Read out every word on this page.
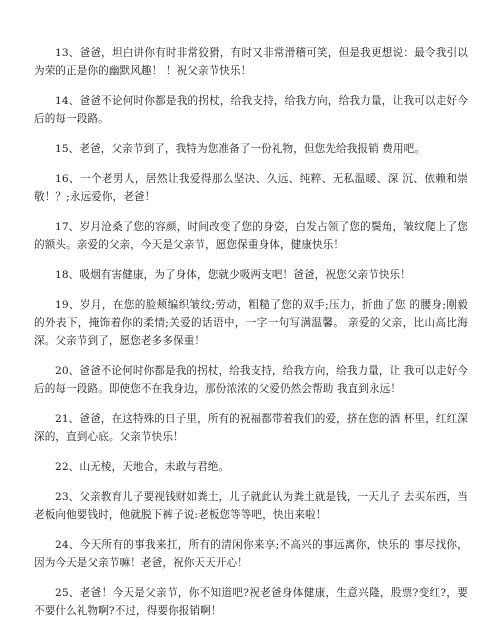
13、爸爸，坦白讲你有时非常狡猾，有时又非常滑稽可笑，但是我更想说：最令我引以为荣的正是你的幽默风趣！ ！祝父亲节快乐！

14、爸爸不论何时你都是我的拐杖，给我支持，给我方向，给我力量，让我可以走好今后的每一段路。

15、老爸，父亲节到了，我特为您准备了一份礼物，但您先给我报销 费用吧。

16、一个老男人，居然让我爱得那么坚决、久远、纯粹、无私温暖、深 沉、依赖和崇敬！？;永远爱你，老爸！

17、岁月沧桑了您的容颜，时间改变了您的身姿，白发占领了您的鬓角，皱纹爬上了您的额头。亲爱的父亲，今天是父亲节，愿您保重身体，健康快乐！

18、吸烟有害健康，为了身体，您就少吸两支吧！爸爸，祝您父亲节快乐！

19、岁月，在您的脸颊编织皱纹;劳动，粗糙了您的双手;压力，折曲了您 的腰身;刚毅的外表下，掩饰着你的柔情;关爱的话语中，一字一句写满温馨。 亲爱的父亲，比山高比海深。父亲节到了，愿您老多多保重！

20、爸爸不论何时你都是我的拐杖，给我支持，给我方向，给我力量，让 我可以走好今后的每一段路。即使您不在我身边，那份浓浓的父爱仍然会帮助 我直到永远！

21、爸爸，在这特殊的日子里，所有的祝福都带着我们的爱，挤在您的酒 杯里，红红深深的，直到心底。父亲节快乐！

22、山无棱，天地合，未敢与君绝。

23、父亲教育儿子要视钱财如粪土，儿子就此认为粪土就是钱，一天儿子 去买东西，当老板向他要钱时，他就脱下裤子说:老板您等等吧，快出来啦！

24、今天所有的事我来扛，所有的清闲你来享;不高兴的事远离你，快乐的 事尽找你，因为今天是父亲节嘛！老爸，祝你天天开心！

25、老爸！今天是父亲节，你不知道吧?祝老爸身体健康，生意兴隆，股票?变红?，要不要什么礼物啊?不过，得要你报销啊！
